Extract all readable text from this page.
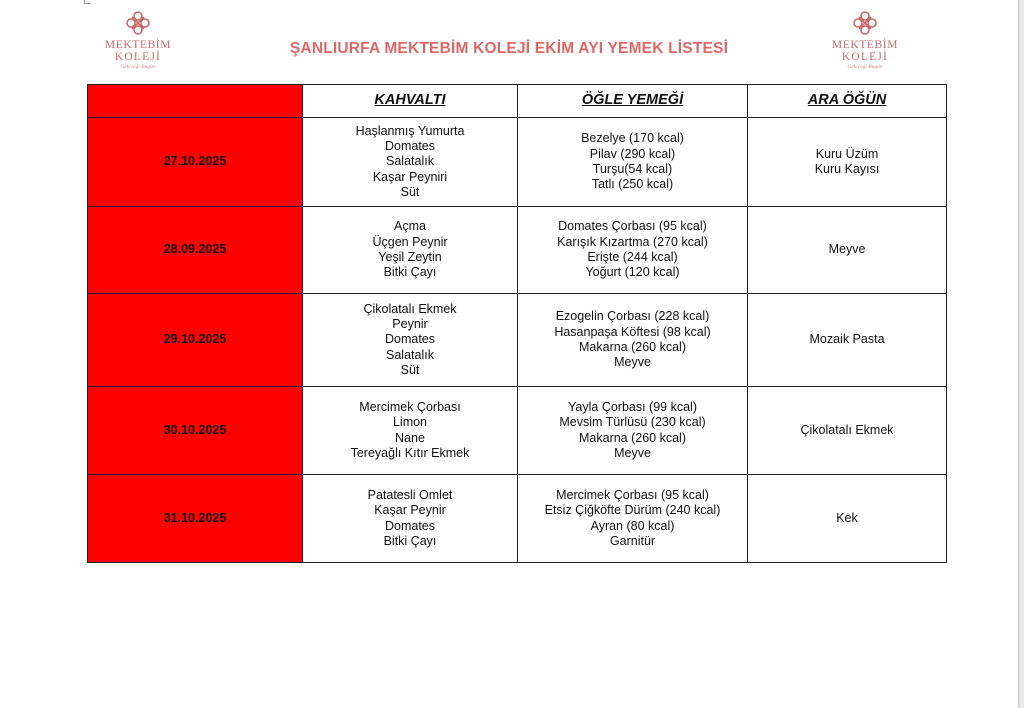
MEKTEBİM
KOLEJİ
Geleceği Bugün
MEKTEBİM
KOLEJİ
Geleceği Bugün
ŞANLIURFA MEKTEBİM KOLEJİ EKİM AYI YEMEK LİSTESİ
	KAHVALTI	ÖĞLE YEMEĞİ	ARA ÖĞÜN
27.10.2025	Haşlanmış Yumurta
Domates
Salatalık
Kaşar Peyniri
Süt	Bezelye (170 kcal)
Pilav (290 kcal)
Turşu(54 kcal)
Tatlı (250 kcal)	Kuru Üzüm
Kuru Kayısı

28.09.2025	Açma
Üçgen Peynir
Yeşil Zeytin
Bitki Çayı	Domates Çorbası (95 kcal)
Karışık Kızartma (270 kcal)
Erişte (244 kcal)
Yoğurt (120 kcal)	Meyve

29.10.2025	Çikolatalı Ekmek
Peynir
Domates
Salatalık
Süt	Ezogelin Çorbası (228 kcal)
Hasanpaşa Köftesi (98 kcal)
Makarna (260 kcal)
Meyve	Mozaik Pasta

30.10.2025	Mercimek Çorbası
Limon
Nane
Tereyağlı Kıtır Ekmek	Yayla Çorbası (99 kcal)
Mevsim Türlüsü (230 kcal)
Makarna (260 kcal)
Meyve	Çikolatalı Ekmek

31.10.2025	Patatesli Omlet
Kaşar Peynir
Domates
Bitki Çayı	Mercimek Çorbası (95 kcal)
Etsiz Çiğköfte Dürüm (240 kcal)
Ayran (80 kcal)
Garnitür	Kek
